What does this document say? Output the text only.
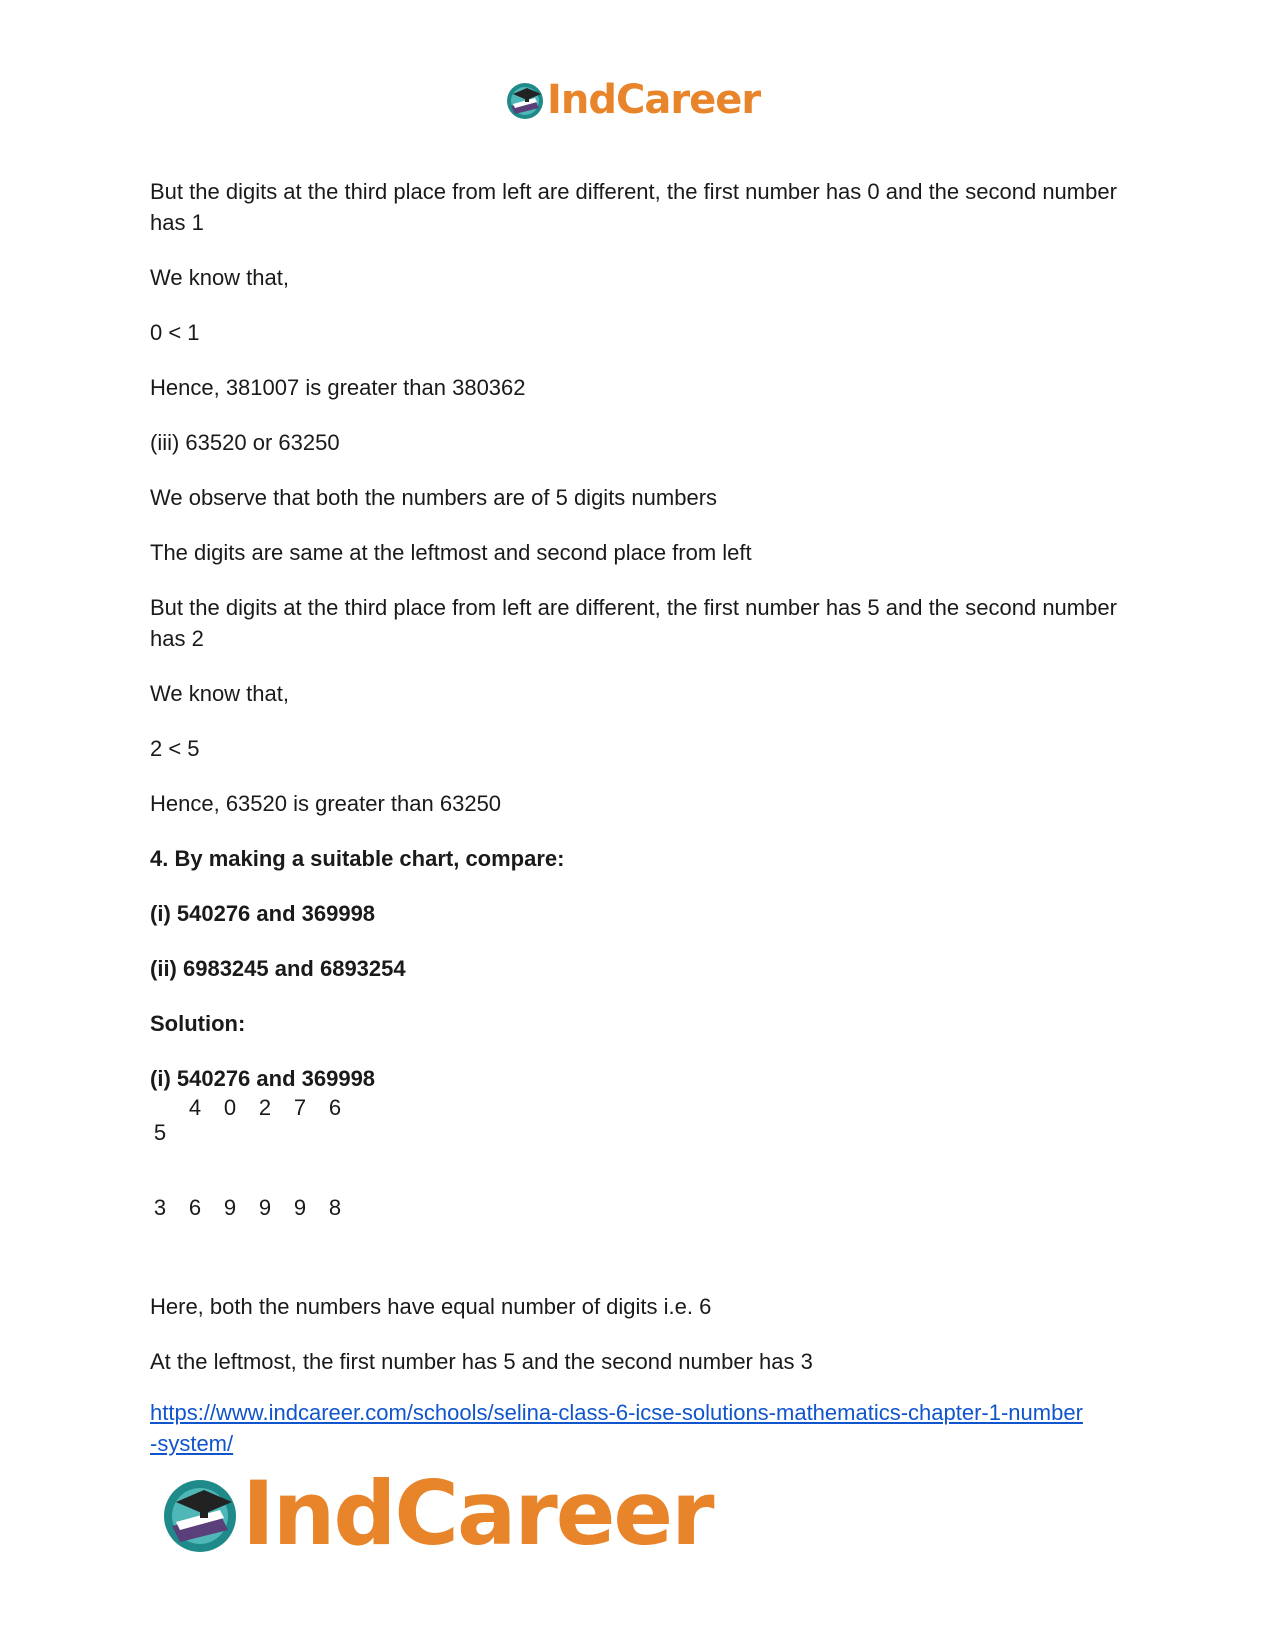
IndCareer

But the digits at the third place from left are different, the first number has 0 and the second number has 1

We know that,

0 < 1

Hence, 381007 is greater than 380362

(iii) 63520 or 63250

We observe that both the numbers are of 5 digits numbers

The digits are same at the leftmost and second place from left

But the digits at the third place from left are different, the first number has 5 and the second number has 2

We know that,

2 < 5

Hence, 63520 is greater than 63250

4. By making a suitable chart, compare:

(i) 540276 and 369998

(ii) 6983245 and 6893254

Solution:

(i) 540276 and 369998

5
4 0 2 7 6
3 6 9 9 9 8

Here, both the numbers have equal number of digits i.e. 6

At the leftmost, the first number has 5 and the second number has 3

https://www.indcareer.com/schools/selina-class-6-icse-solutions-mathematics-chapter-1-number
-system/
IndCareer
